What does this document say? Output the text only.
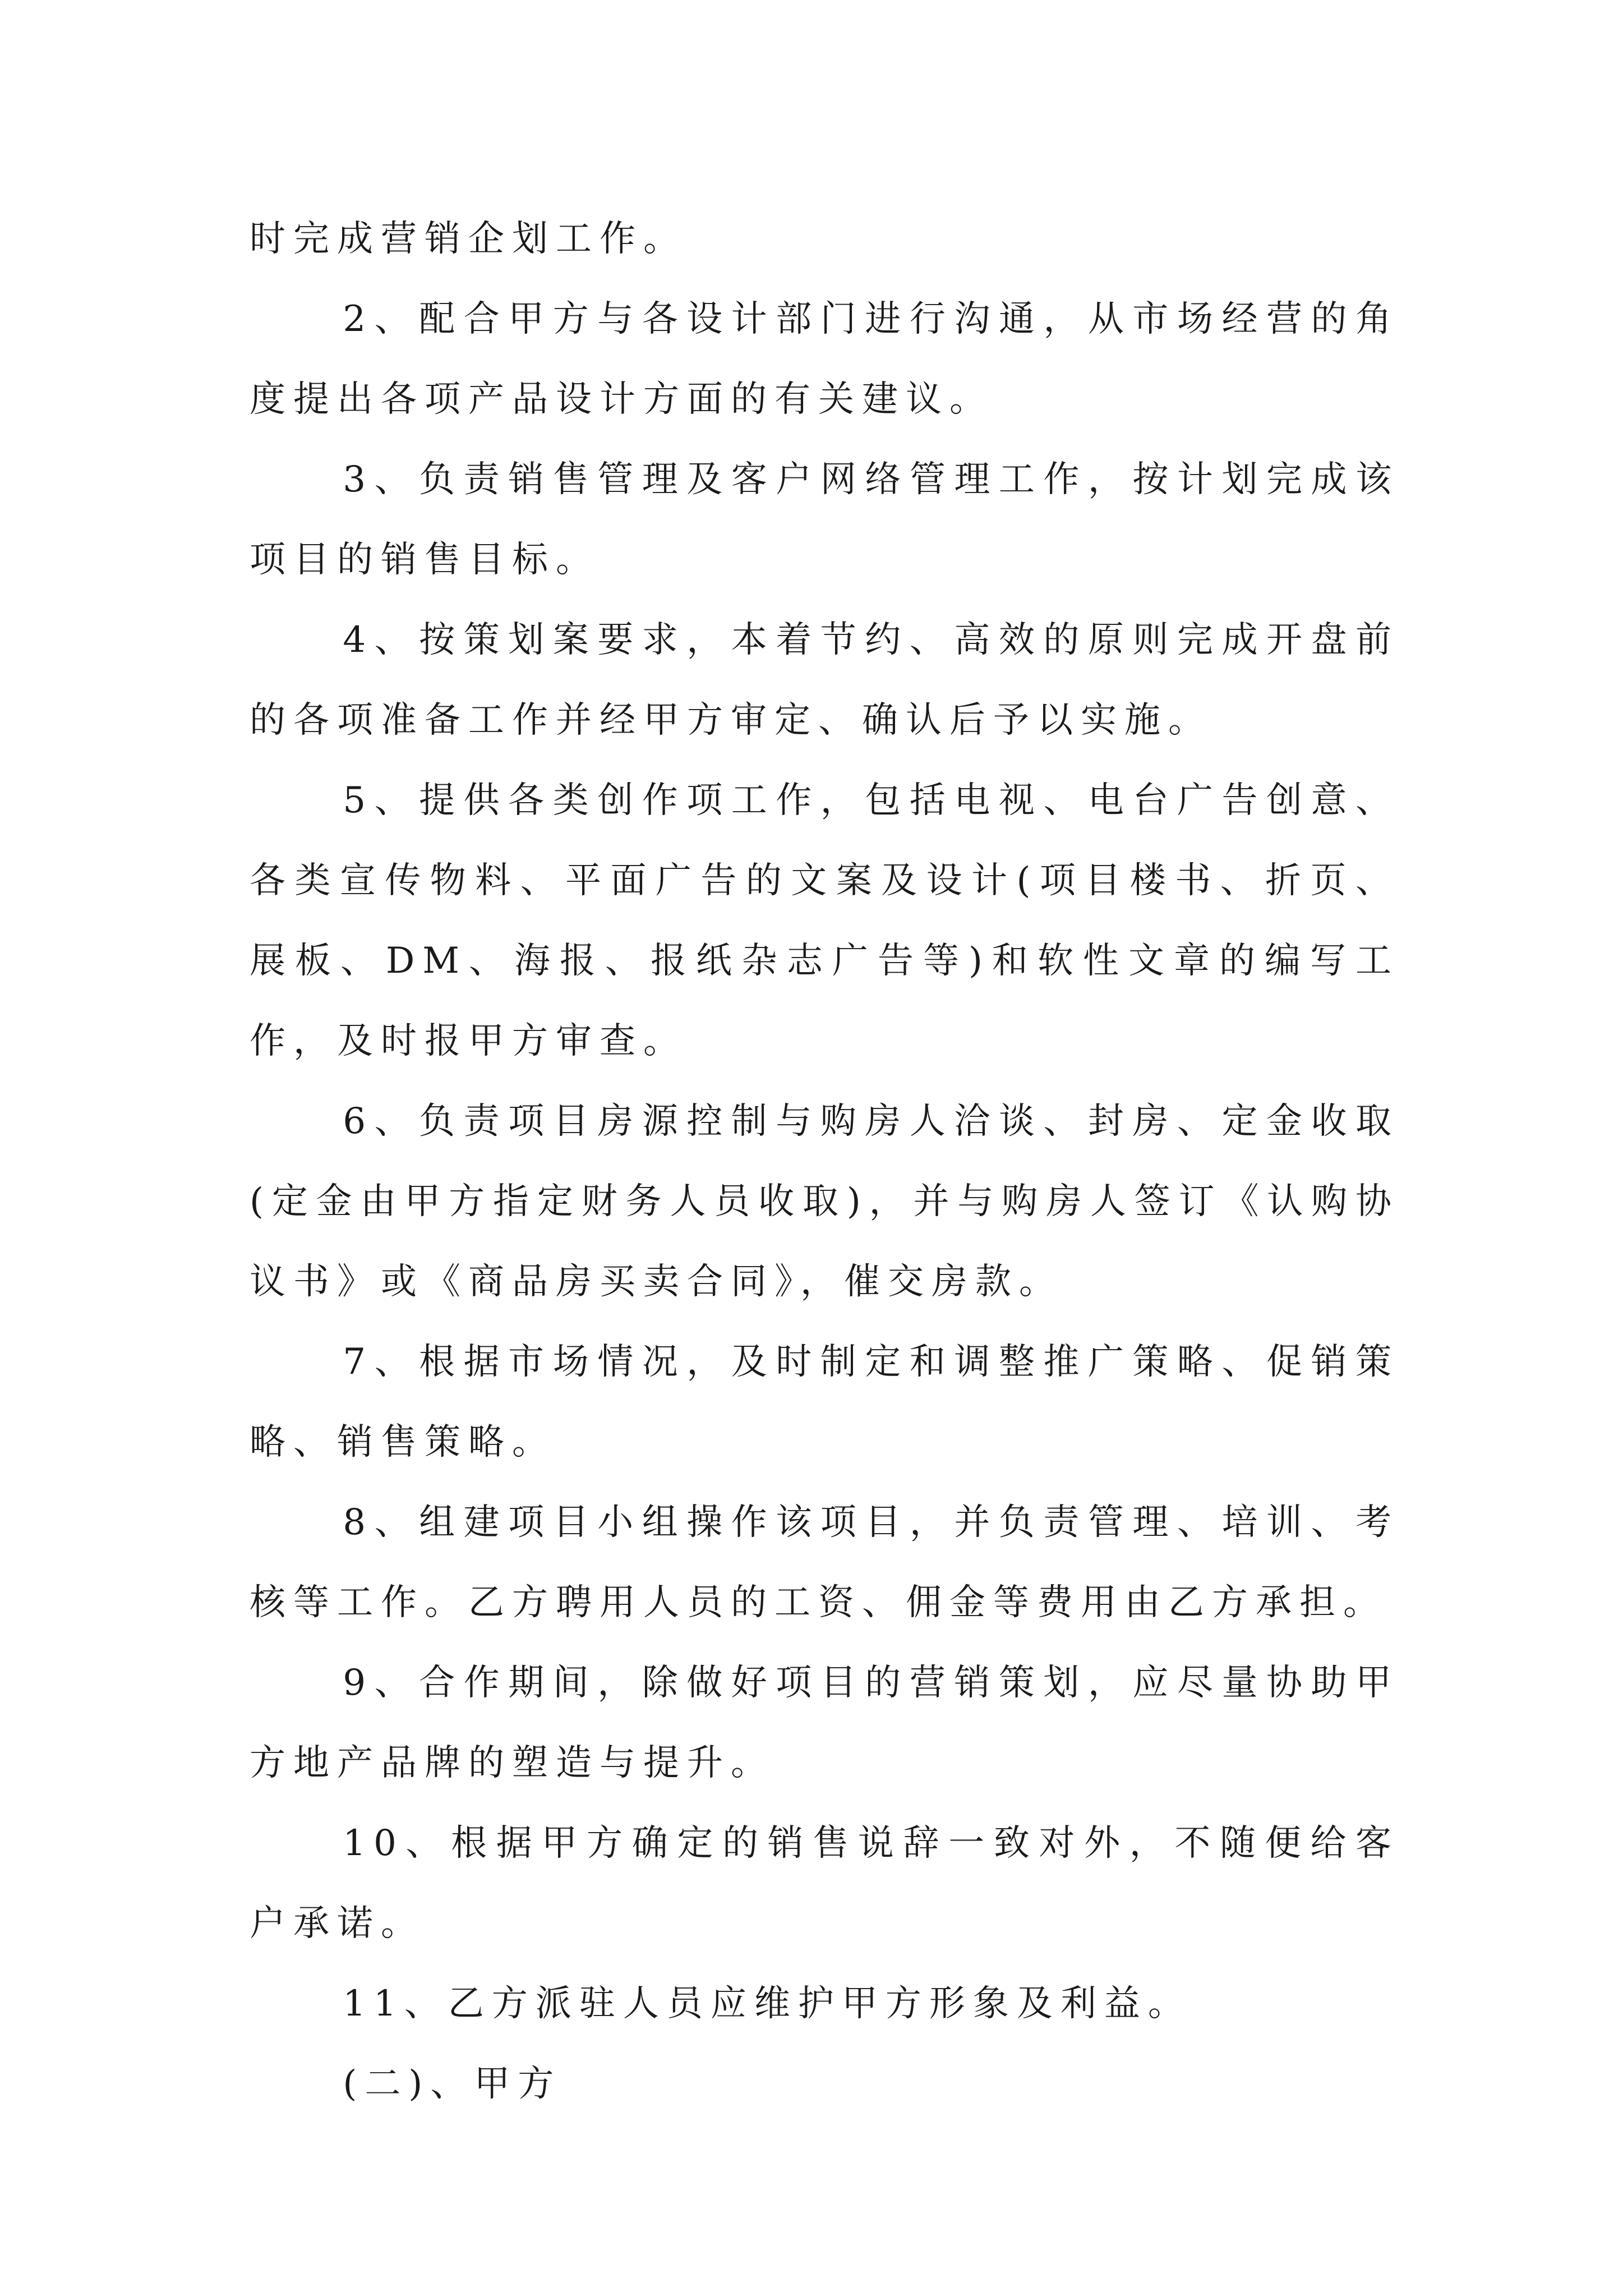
时完成营销企划工作。

2、配合甲方与各设计部门进行沟通，从市场经营的角度提出各项产品设计方面的有关建议。

3、负责销售管理及客户网络管理工作，按计划完成该项目的销售目标。

4、按策划案要求，本着节约、高效的原则完成开盘前的各项准备工作并经甲方审定、确认后予以实施。

5、提供各类创作项工作，包括电视、电台广告创意、各类宣传物料、平面广告的文案及设计(项目楼书、折页、展板、DM、海报、报纸杂志广告等)和软性文章的编写工作，及时报甲方审查。

6、负责项目房源控制与购房人洽谈、封房、定金收取(定金由甲方指定财务人员收取)，并与购房人签订《认购协议书》或《商品房买卖合同》，催交房款。

7、根据市场情况，及时制定和调整推广策略、促销策略、销售策略。

8、组建项目小组操作该项目，并负责管理、培训、考核等工作。乙方聘用人员的工资、佣金等费用由乙方承担。

9、合作期间，除做好项目的营销策划，应尽量协助甲方地产品牌的塑造与提升。

10、根据甲方确定的销售说辞一致对外，不随便给客户承诺。

11、乙方派驻人员应维护甲方形象及利益。

(二)、甲方
